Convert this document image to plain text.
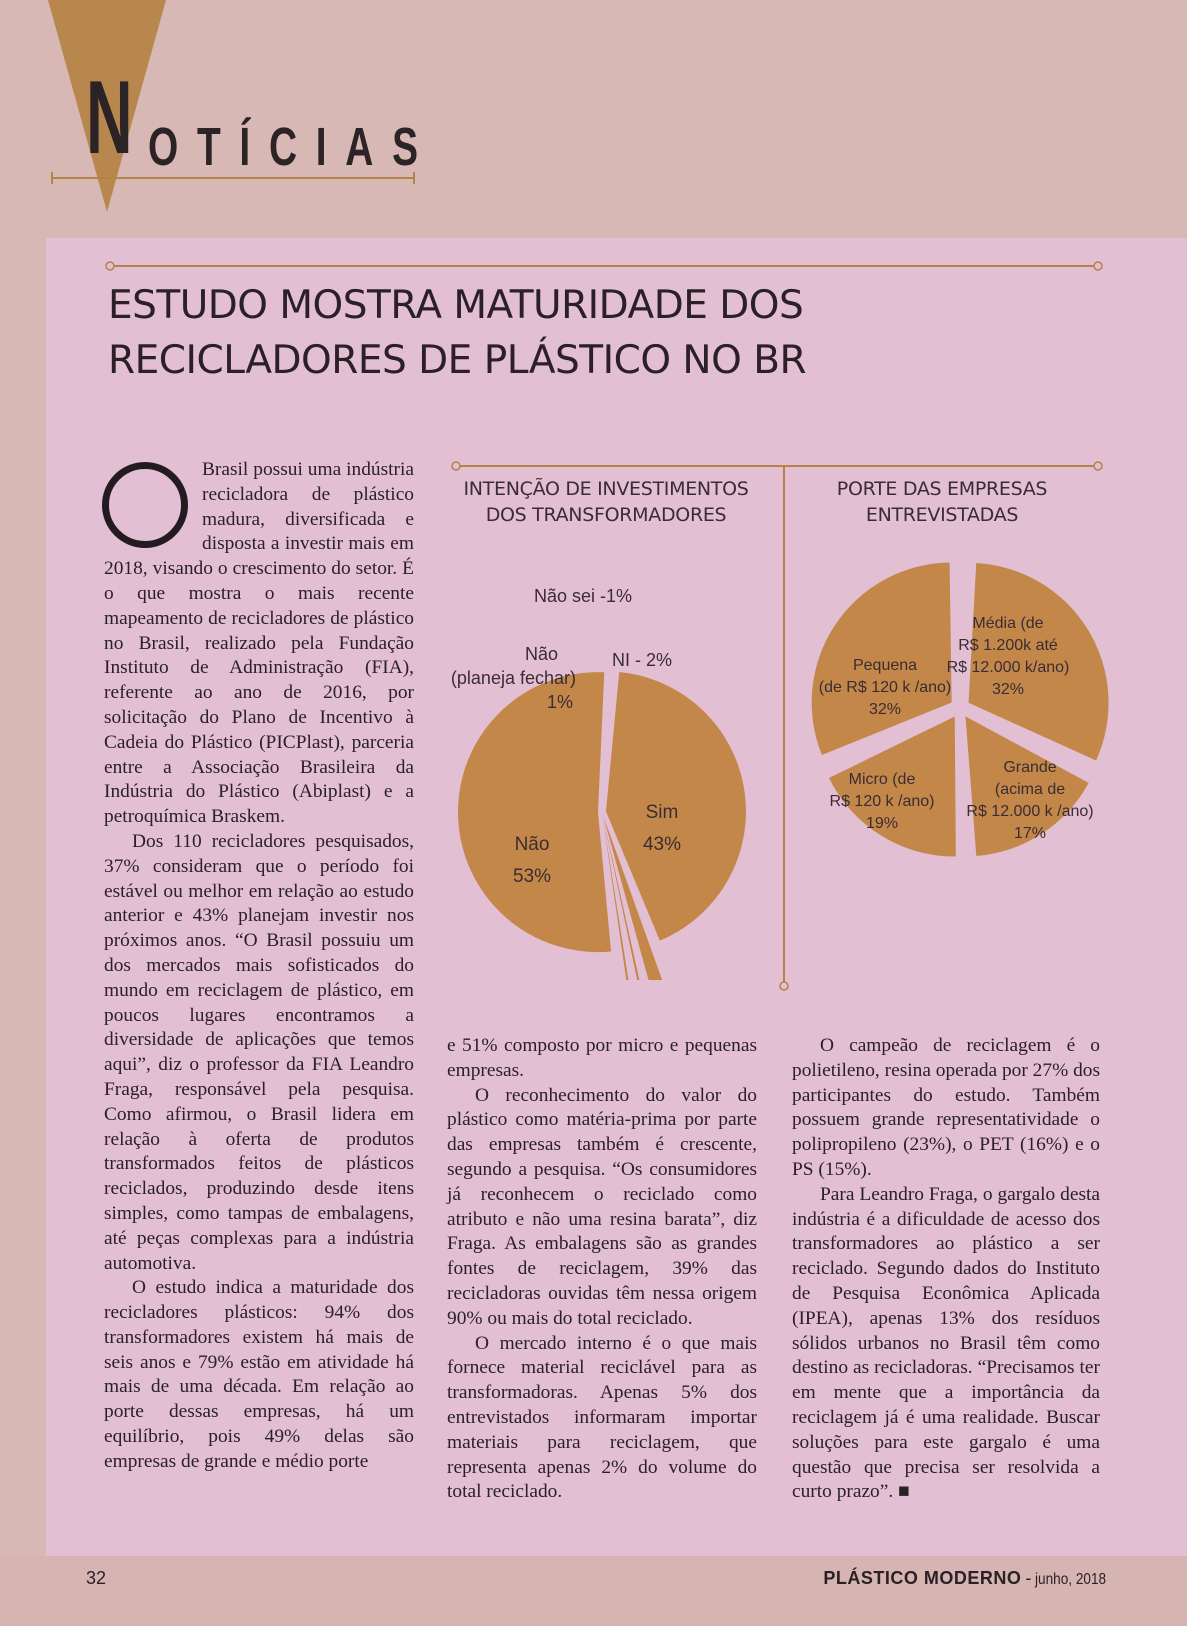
N OTÍCIAS
ESTUDO MOSTRA MATURIDADE DOS
RECICLADORES DE PLÁSTICO NO BR

Brasil possui uma indústria recicladora de plástico madura, diversificada e disposta a investir mais em 2018, visando o crescimento do setor. É o que mostra o mais recente mapeamento de recicladores de plástico no Brasil, realizado pela Fundação Instituto de Administração (FIA), referente ao ano de 2016, por solicitação do Plano de Incentivo à Cadeia do Plástico (PICPlast), parceria entre a Associação Brasileira da Indústria do Plástico (Abiplast) e a petroquímica Braskem.

Dos 110 recicladores pesquisados, 37% consideram que o período foi estável ou melhor em relação ao estudo anterior e 43% planejam investir nos próximos anos. “O Brasil possuiu um dos mercados mais sofisticados do mundo em reciclagem de plástico, em poucos lugares encontramos a diversidade de aplicações que temos aqui”, diz o professor da FIA Leandro Fraga, responsável pela pesquisa. Como afirmou, o Brasil lidera em relação à oferta de produtos transformados feitos de plásticos reciclados, produzindo desde itens simples, como tampas de embalagens, até peças complexas para a indústria automotiva.

O estudo indica a maturidade dos recicladores plásticos: 94% dos transformadores existem há mais de seis anos e 79% estão em atividade há mais de uma década. Em relação ao porte dessas empresas, há um equilíbrio, pois 49% delas são empresas de grande e médio porte

e 51% composto por micro e pequenas empresas.

O reconhecimento do valor do plástico como matéria-prima por parte das empresas também é crescente, segundo a pesquisa. “Os consumidores já reconhecem o reciclado como atributo e não uma resina barata”, diz Fraga. As embalagens são as grandes fontes de reciclagem, 39% das recicladoras ouvidas têm nessa origem 90% ou mais do total reciclado.

O mercado interno é o que mais fornece material reciclável para as transformadoras. Apenas 5% dos entrevistados informaram importar materiais para reciclagem, que representa apenas 2% do volume do total reciclado.

O campeão de reciclagem é o polietileno, resina operada por 27% dos participantes do estudo. Também possuem grande representatividade o polipropileno (23%), o PET (16%) e o PS (15%).

Para Leandro Fraga, o gargalo desta indústria é a dificuldade de acesso dos transformadores ao plástico a ser reciclado. Segundo dados do Instituto de Pesquisa Econômica Aplicada (IPEA), apenas 13% dos resíduos sólidos urbanos no Brasil têm como destino as recicladoras. “Precisamos ter em mente que a importância da reciclagem já é uma realidade. Buscar soluções para este gargalo é uma questão que precisa ser resolvida a curto prazo”. ■

INTENÇÃO DE INVESTIMENTOS
DOS TRANSFORMADORES
Não sei -1%
Não
(planeja fechar)
1%
NI - 2%
Sim
43%
Não
53%
PORTE DAS EMPRESAS
ENTREVISTADAS
Média (de
R$ 1.200k até
R$ 12.000 k/ano)
32%
Pequena
(de R$ 120 k /ano)
32%
Micro (de
R$ 120 k /ano)
19%
Grande
(acima de
R$ 12.000 k /ano)
17%
32	PLÁSTICO MODERNO - junho, 2018
